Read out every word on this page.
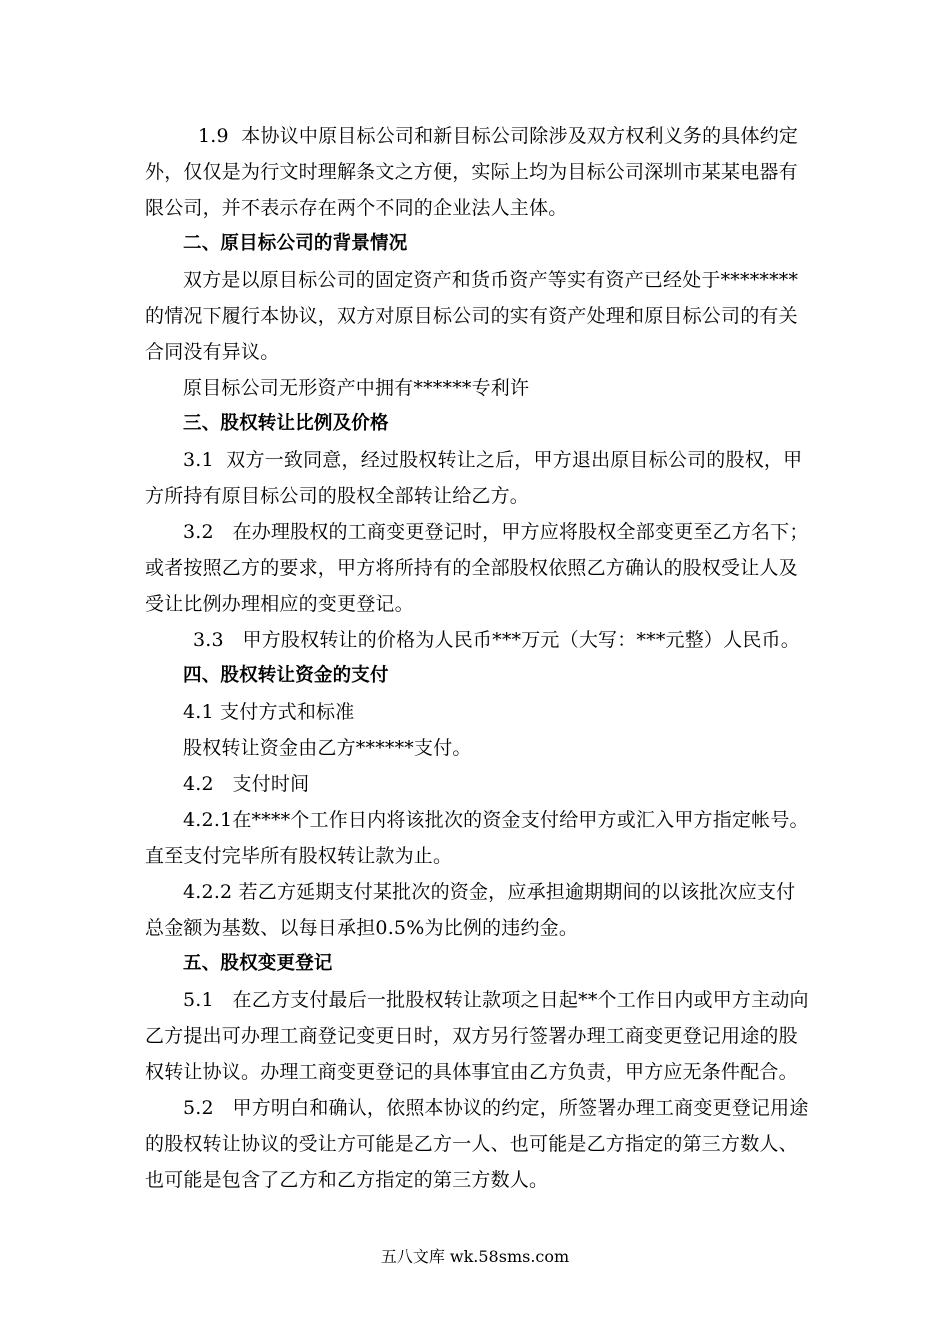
1.9  本协议中原目标公司和新目标公司除涉及双方权利义务的具体约定
外，仅仅是为行文时理解条文之方便，实际上均为目标公司深圳市某某电器有
限公司，并不表示存在两个不同的企业法人主体。
二、原目标公司的背景情况
双方是以原目标公司的固定资产和货币资产等实有资产已经处于********
的情况下履行本协议，双方对原目标公司的实有资产处理和原目标公司的有关
合同没有异议。
原目标公司无形资产中拥有******专利许
三、股权转让比例及价格
3.1  双方一致同意，经过股权转让之后，甲方退出原目标公司的股权，甲
方所持有原目标公司的股权全部转让给乙方。
3.2   在办理股权的工商变更登记时，甲方应将股权全部变更至乙方名下；
或者按照乙方的要求，甲方将所持有的全部股权依照乙方确认的股权受让人及
受让比例办理相应的变更登记。
3.3   甲方股权转让的价格为人民币***万元（大写：***元整）人民币。
四、股权转让资金的支付
4.1 支付方式和标准
股权转让资金由乙方******支付。
4.2   支付时间
4.2.1在****个工作日内将该批次的资金支付给甲方或汇入甲方指定帐号。
直至支付完毕所有股权转让款为止。
4.2.2 若乙方延期支付某批次的资金，应承担逾期期间的以该批次应支付
总金额为基数、以每日承担0.5%为比例的违约金。
五、股权变更登记
5.1   在乙方支付最后一批股权转让款项之日起**个工作日内或甲方主动向
乙方提出可办理工商登记变更日时，双方另行签署办理工商变更登记用途的股
权转让协议。办理工商变更登记的具体事宜由乙方负责，甲方应无条件配合。
5.2   甲方明白和确认，依照本协议的约定，所签署办理工商变更登记用途
的股权转让协议的受让方可能是乙方一人、也可能是乙方指定的第三方数人、
也可能是包含了乙方和乙方指定的第三方数人。
五八文库 wk.58sms.com
